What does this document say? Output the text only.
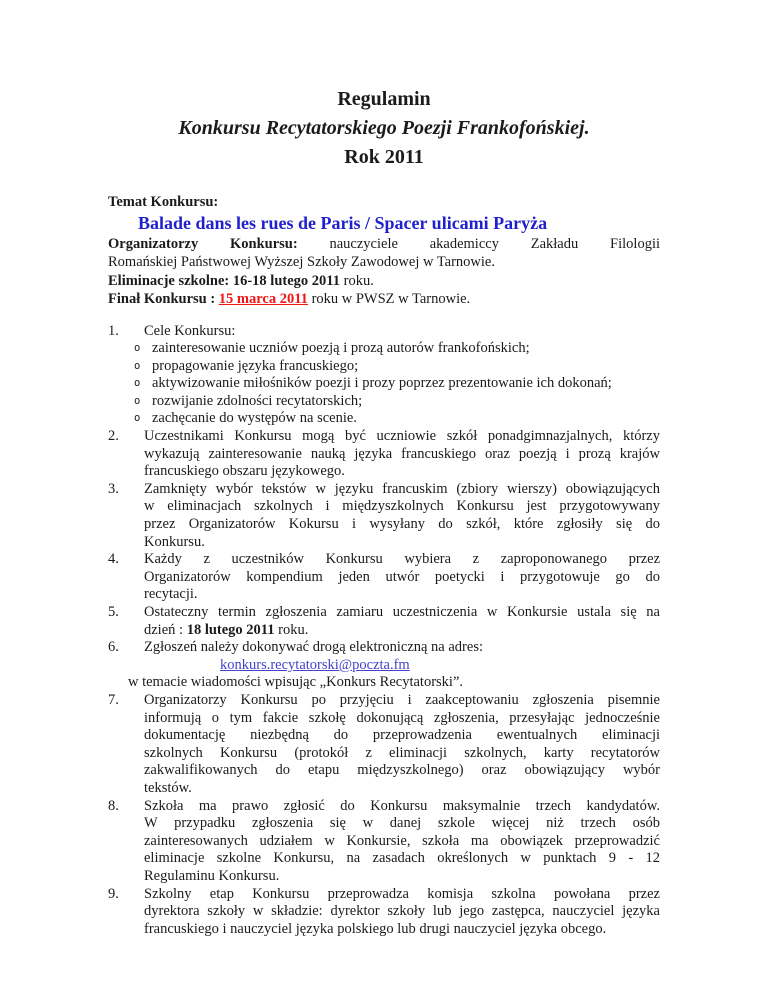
Regulamin
Konkursu Recytatorskiego Poezji Frankofońskiej.
Rok 2011
Temat Konkursu:
Balade dans les rues de Paris / Spacer ulicami Paryża
Organizatorzy Konkursu: nauczyciele akademiccy Zakładu Filologii
Romańskiej Państwowej Wyższej Szkoły Zawodowej w Tarnowie.
Eliminacje szkolne: 16-18 lutego 2011 roku.
Finał Konkursu : 15 marca 2011 roku w PWSZ w Tarnowie.
1.	Cele Konkursu:
o zainteresowanie uczniów poezją i prozą autorów frankofońskich;
o propagowanie języka francuskiego;
o aktywizowanie miłośników poezji i prozy poprzez prezentowanie ich dokonań;
o rozwijanie zdolności recytatorskich;
o zachęcanie do występów na scenie.
2.	Uczestnikami Konkursu mogą być uczniowie szkół ponadgimnazjalnych, którzy
wykazują zainteresowanie nauką języka francuskiego oraz poezją i prozą krajów
francuskiego obszaru językowego.
3.	Zamknięty wybór tekstów w języku francuskim (zbiory wierszy) obowiązujących
w eliminacjach szkolnych i międzyszkolnych Konkursu jest przygotowywany
przez Organizatorów Kokursu i wysyłany do szkół, które zgłosiły się do
Konkursu.
4.	Każdy z uczestników Konkursu wybiera z zaproponowanego przez
Organizatorów kompendium jeden utwór poetycki i przygotowuje go do
recytacji.
5.	Ostateczny termin zgłoszenia zamiaru uczestniczenia w Konkursie ustala się na
dzień : 18 lutego 2011 roku.
6.	Zgłoszeń należy dokonywać drogą elektroniczną na adres:
konkurs.recytatorski@poczta.fm
w temacie wiadomości wpisując „Konkurs Recytatorski”.
7.	Organizatorzy Konkursu po przyjęciu i zaakceptowaniu zgłoszenia pisemnie
informują o tym fakcie szkołę dokonującą zgłoszenia, przesyłając jednocześnie
dokumentację niezbędną do przeprowadzenia ewentualnych eliminacji
szkolnych Konkursu (protokół z eliminacji szkolnych, karty recytatorów
zakwalifikowanych do etapu międzyszkolnego) oraz obowiązujący wybór
tekstów.
8.	Szkoła ma prawo zgłosić do Konkursu maksymalnie trzech kandydatów.
W przypadku zgłoszenia się w danej szkole więcej niż trzech osób
zainteresowanych udziałem w Konkursie, szkoła ma obowiązek przeprowadzić
eliminacje szkolne Konkursu, na zasadach określonych w punktach 9 - 12
Regulaminu Konkursu.
9.	Szkolny etap Konkursu przeprowadza komisja szkolna powołana przez
dyrektora szkoły w składzie: dyrektor szkoły lub jego zastępca, nauczyciel języka
francuskiego i nauczyciel języka polskiego lub drugi nauczyciel języka obcego.
